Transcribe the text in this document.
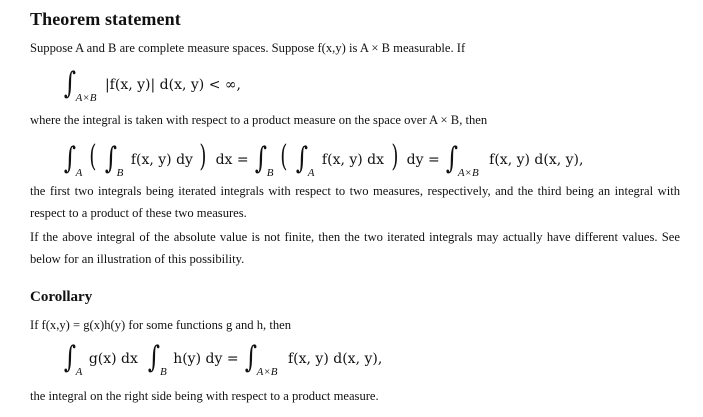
Theorem statement
Suppose A and B are complete measure spaces. Suppose f(x,y) is A × B measurable. If
$\int_{A\times B}$ |f(x, y)| d(x, y) < ∞,
where the integral is taken with respect to a product measure on the space over A × B, then
$\int_A$ ( $\int_B$ f(x, y) dy ) dx = $\int_B$ ( $\int_A$ f(x, y) dx ) dy = $\int_{A\times B}$ f(x, y) d(x, y),
the first two integrals being iterated integrals with respect to two measures, respectively, and the third being an integral with respect to a product of these two measures.
If the above integral of the absolute value is not finite, then the two iterated integrals may actually have different values. See below for an illustration of this possibility.
Corollary
If f(x,y) = g(x)h(y) for some functions g and h, then
$\int_A$ g(x) dx $\int_B$ h(y) dy = $\int_{A\times B}$ f(x, y) d(x, y),
the integral on the right side being with respect to a product measure.
